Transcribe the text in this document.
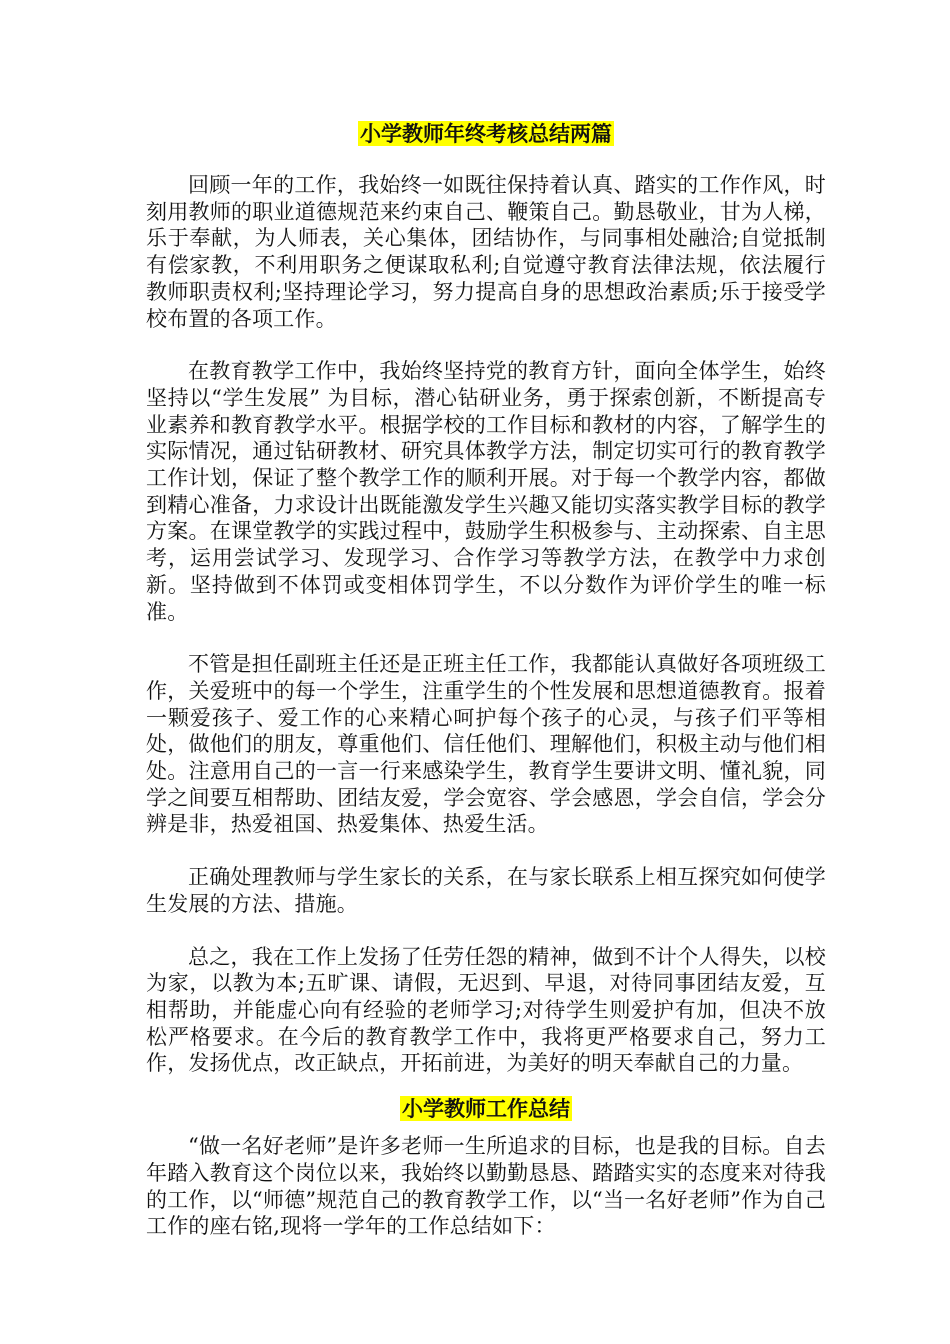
小学教师年终考核总结两篇

回顾一年的工作，我始终一如既往保持着认真、踏实的工作作风，时刻用教师的职业道德规范来约束自己、鞭策自己。勤恳敬业，甘为人梯，乐于奉献，为人师表，关心集体，团结协作，与同事相处融洽;自觉抵制有偿家教，不利用职务之便谋取私利;自觉遵守教育法律法规，依法履行教师职责权利;坚持理论学习，努力提高自身的思想政治素质;乐于接受学校布置的各项工作。

在教育教学工作中，我始终坚持党的教育方针，面向全体学生，始终坚持以“学生发展” 为目标，潜心钻研业务，勇于探索创新，不断提高专业素养和教育教学水平。根据学校的工作目标和教材的内容，了解学生的实际情况，通过钻研教材、研究具体教学方法，制定切实可行的教育教学工作计划，保证了整个教学工作的顺利开展。对于每一个教学内容，都做到精心准备，力求设计出既能激发学生兴趣又能切实落实教学目标的教学方案。在课堂教学的实践过程中，鼓励学生积极参与、主动探索、自主思考，运用尝试学习、发现学习、合作学习等教学方法，在教学中力求创新。坚持做到不体罚或变相体罚学生，不以分数作为评价学生的唯一标准。

不管是担任副班主任还是正班主任工作，我都能认真做好各项班级工作，关爱班中的每一个学生，注重学生的个性发展和思想道德教育。报着一颗爱孩子、爱工作的心来精心呵护每个孩子的心灵，与孩子们平等相处，做他们的朋友，尊重他们、信任他们、理解他们，积极主动与他们相处。注意用自己的一言一行来感染学生，教育学生要讲文明、懂礼貌，同学之间要互相帮助、团结友爱，学会宽容、学会感恩，学会自信，学会分辨是非，热爱祖国、热爱集体、热爱生活。

正确处理教师与学生家长的关系，在与家长联系上相互探究如何使学生发展的方法、措施。

总之，我在工作上发扬了任劳任怨的精神，做到不计个人得失，以校为家，以教为本;五旷课、请假，无迟到、早退，对待同事团结友爱，互相帮助，并能虚心向有经验的老师学习;对待学生则爱护有加，但决不放松严格要求。在今后的教育教学工作中，我将更严格要求自己，努力工作，发扬优点，改正缺点，开拓前进，为美好的明天奉献自己的力量。

小学教师工作总结

“做一名好老师”是许多老师一生所追求的目标，也是我的目标。自去年踏入教育这个岗位以来，我始终以勤勤恳恳、踏踏实实的态度来对待我的工作，以“师德”规范自己的教育教学工作，以“当一名好老师”作为自己工作的座右铭,现将一学年的工作总结如下：
